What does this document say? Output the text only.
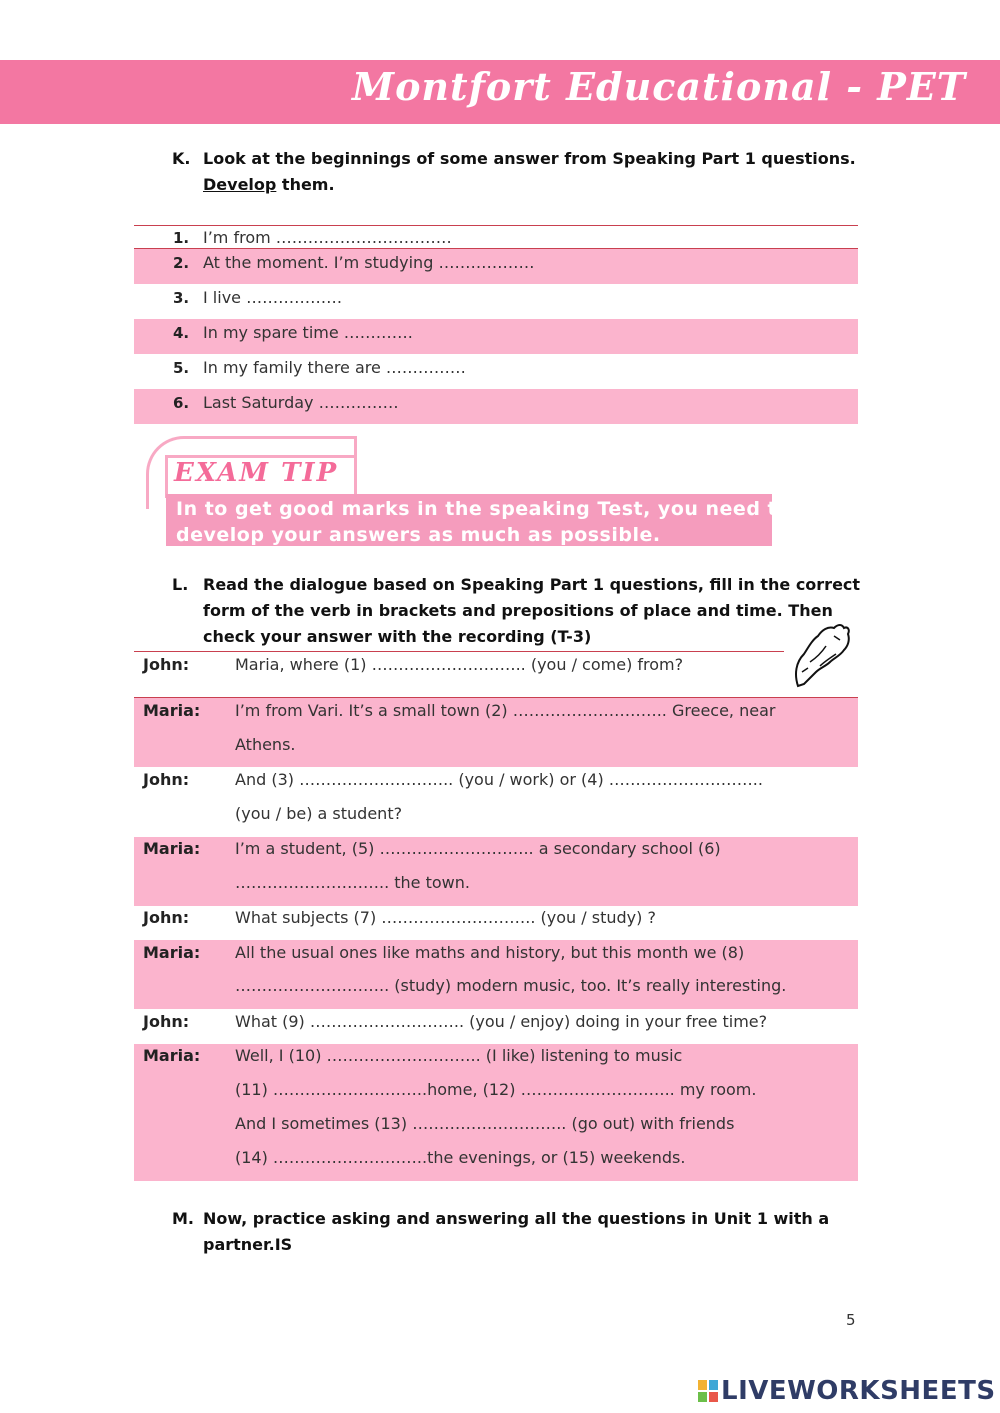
Montfort Educational - PET
K. Look at the beginnings of some answer from Speaking Part 1 questions.
Develop them.
1. I’m from ……………………………
2. At the moment. I’m studying ………………
3. I live ………………
4. In my spare time ………….
5. In my family there are ……………
6. Last Saturday ……………
EXAM TIP
In to get good marks in the speaking Test, you need to
develop your answers as much as possible.
L. Read the dialogue based on Speaking Part 1 questions, fill in the correct
form of the verb in brackets and prepositions of place and time. Then
check your answer with the recording (T-3)
John:	Maria, where (1) ……………………….. (you / come) from?
Maria: I’m from Vari. It’s a small town (2) ……………………….. Greece, near
Athens.
John:	And (3) ……………………….. (you / work) or (4) ………………………..
(you / be) a student?
Maria: I’m a student, (5) ……………………….. a secondary school (6)
……………………….. the town.
John:	What subjects (7) ……………………….. (you / study) ?
Maria: All the usual ones like maths and history, but this month we (8)
……………………….. (study) modern music, too. It’s really interesting.
John:	What (9) ……………………….. (you / enjoy) doing in your free time?
Maria: Well, I (10) ……………………….. (I like) listening to music
(11) ………………………..home, (12) ……………………….. my room.
And I sometimes (13) ……………………….. (go out) with friends
(14) ………………………..the evenings, or (15) weekends.
M. Now, practice asking and answering all the questions in Unit 1 with a
partner.IS
5
LIVEWORKSHEETS
